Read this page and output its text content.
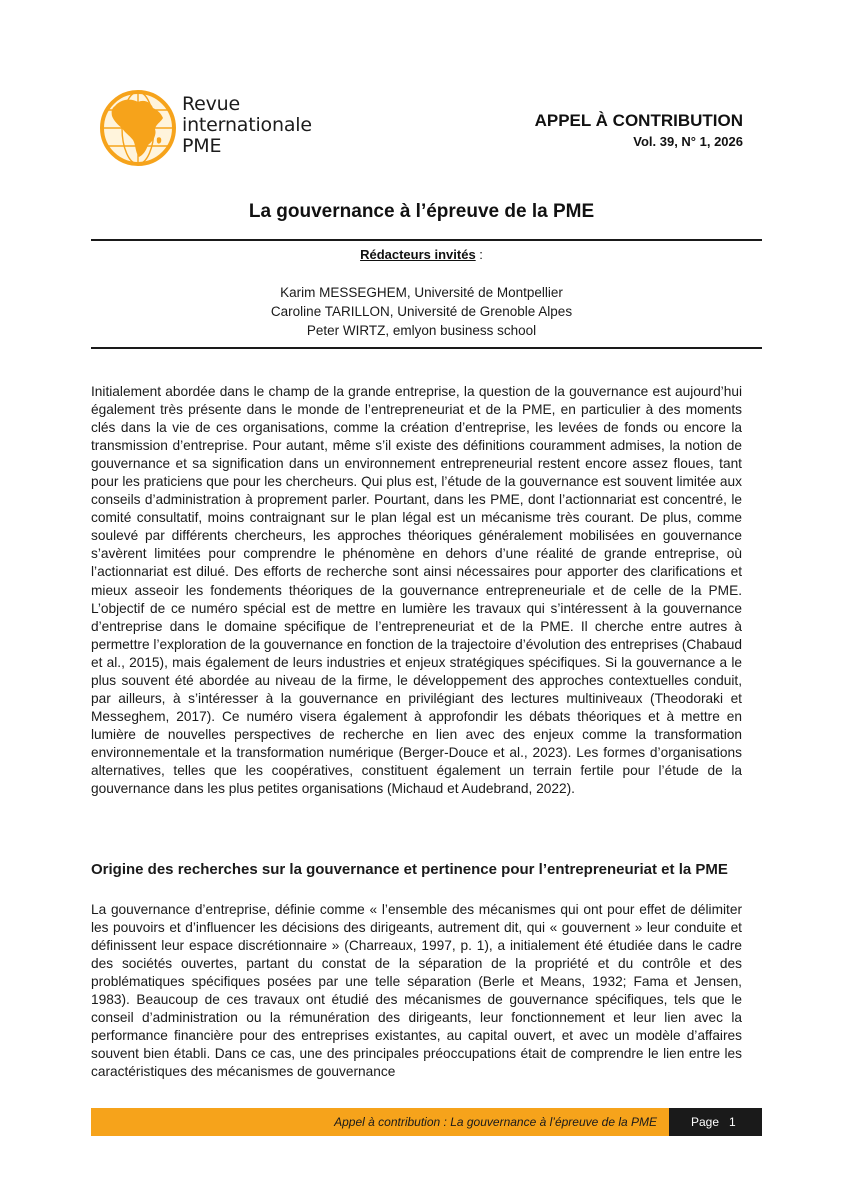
Revue
internationale
PME
APPEL À CONTRIBUTION
Vol. 39, N° 1, 2026
La gouvernance à l’épreuve de la PME
Rédacteurs invités :
Karim MESSEGHEM, Université de Montpellier
Caroline TARILLON, Université de Grenoble Alpes
Peter WIRTZ, emlyon business school
Initialement abordée dans le champ de la grande entreprise, la question de la gouvernance est aujourd’hui également très présente dans le monde de l’entrepreneuriat et de la PME, en particulier à des moments clés dans la vie de ces organisations, comme la création d’entreprise, les levées de fonds ou encore la transmission d’entreprise. Pour autant, même s’il existe des définitions couramment admises, la notion de gouvernance et sa signification dans un environnement entrepreneurial restent encore assez floues, tant pour les praticiens que pour les chercheurs. Qui plus est, l’étude de la gouvernance est souvent limitée aux conseils d’administration à proprement parler. Pourtant, dans les PME, dont l’actionnariat est concentré, le comité consultatif, moins contraignant sur le plan légal est un mécanisme très courant. De plus, comme soulevé par différents chercheurs, les approches théoriques généralement mobilisées en gouvernance s’avèrent limitées pour comprendre le phénomène en dehors d’une réalité de grande entreprise, où l’actionnariat est dilué. Des efforts de recherche sont ainsi nécessaires pour apporter des clarifications et mieux asseoir les fondements théoriques de la gouvernance entrepreneuriale et de celle de la PME. L’objectif de ce numéro spécial est de mettre en lumière les travaux qui s’intéressent à la gouvernance d’entreprise dans le domaine spécifique de l’entrepreneuriat et de la PME. Il cherche entre autres à permettre l’exploration de la gouvernance en fonction de la trajectoire d’évolution des entreprises (Chabaud et al., 2015), mais également de leurs industries et enjeux stratégiques spécifiques. Si la gouvernance a le plus souvent été abordée au niveau de la firme, le développement des approches contextuelles conduit, par ailleurs, à s’intéresser à la gouvernance en privilégiant des lectures multiniveaux (Theodoraki et Messeghem, 2017). Ce numéro visera également à approfondir les débats théoriques et à mettre en lumière de nouvelles perspectives de recherche en lien avec des enjeux comme la transformation environnementale et la transformation numérique (Berger-Douce et al., 2023). Les formes d’organisations alternatives, telles que les coopératives, constituent également un terrain fertile pour l’étude de la gouvernance dans les plus petites organisations (Michaud et Audebrand, 2022).
Origine des recherches sur la gouvernance et pertinence pour l’entrepreneuriat et la PME
La gouvernance d’entreprise, définie comme « l’ensemble des mécanismes qui ont pour effet de délimiter les pouvoirs et d’influencer les décisions des dirigeants, autrement dit, qui « gouvernent » leur conduite et définissent leur espace discrétionnaire » (Charreaux, 1997, p. 1), a initialement été étudiée dans le cadre des sociétés ouvertes, partant du constat de la séparation de la propriété et du contrôle et des problématiques spécifiques posées par une telle séparation (Berle et Means, 1932; Fama et Jensen, 1983). Beaucoup de ces travaux ont étudié des mécanismes de gouvernance spécifiques, tels que le conseil d’administration ou la rémunération des dirigeants, leur fonctionnement et leur lien avec la performance financière pour des entreprises existantes, au capital ouvert, et avec un modèle d’affaires souvent bien établi. Dans ce cas, une des principales préoccupations était de comprendre le lien entre les caractéristiques des mécanismes de gouvernance
Appel à contribution : La gouvernance à l’épreuve de la PME	Page 1
